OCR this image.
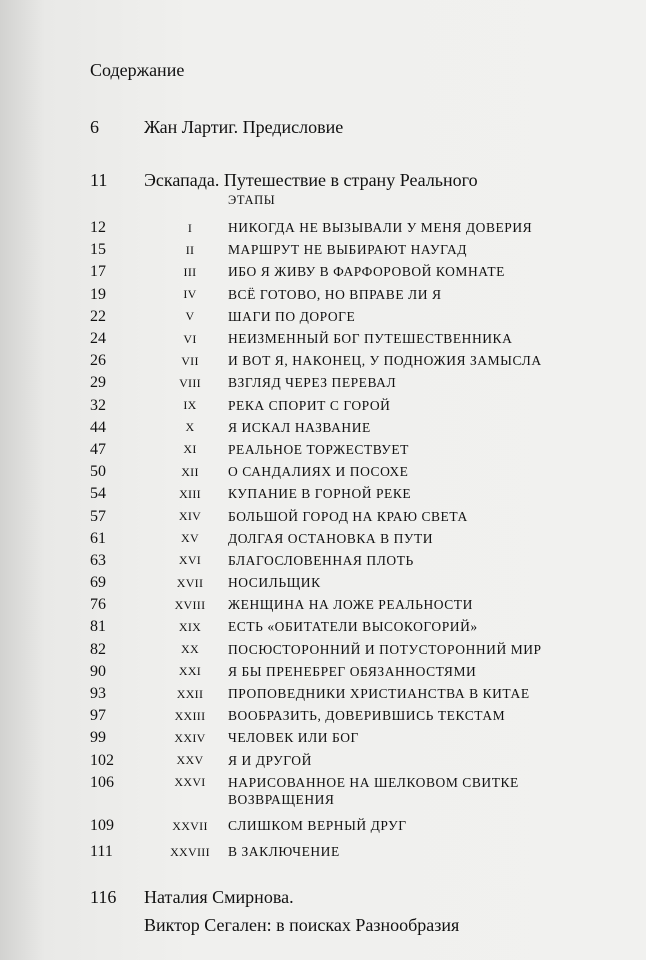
Содержание
6	Жан Лартиг. Предисловие
11	Эскапада. Путешествие в страну Реального
ЭТАПЫ
12	I	НИКОГДА НЕ ВЫЗЫВАЛИ У МЕНЯ ДОВЕРИЯ
15	II	МАРШРУТ НЕ ВЫБИРАЮТ НАУГАД
17	III	ИБО Я ЖИВУ В ФАРФОРОВОЙ КОМНАТЕ
19	IV	ВСЁ ГОТОВО, НО ВПРАВЕ ЛИ Я
22	V	ШАГИ ПО ДОРОГЕ
24	VI	НЕИЗМЕННЫЙ БОГ ПУТЕШЕСТВЕННИКА
26	VII	И ВОТ Я, НАКОНЕЦ, У ПОДНОЖИЯ ЗАМЫСЛА
29	VIII	ВЗГЛЯД ЧЕРЕЗ ПЕРЕВАЛ
32	IX	РЕКА СПОРИТ С ГОРОЙ
44	X	Я ИСКАЛ НАЗВАНИЕ
47	XI	РЕАЛЬНОЕ ТОРЖЕСТВУЕТ
50	XII	О САНДАЛИЯХ И ПОСОХЕ
54	XIII	КУПАНИЕ В ГОРНОЙ РЕКЕ
57	XIV	БОЛЬШОЙ ГОРОД НА КРАЮ СВЕТА
61	XV	ДОЛГАЯ ОСТАНОВКА В ПУТИ
63	XVI	БЛАГОСЛОВЕННАЯ ПЛОТЬ
69	XVII	НОСИЛЬЩИК
76	XVIII	ЖЕНЩИНА НА ЛОЖЕ РЕАЛЬНОСТИ
81	XIX	ЕСТЬ «ОБИТАТЕЛИ ВЫСОКОГОРИЙ»
82	XX	ПОСЮСТОРОННИЙ И ПОТУСТОРОННИЙ МИР
90	XXI	Я БЫ ПРЕНЕБРЕГ ОБЯЗАННОСТЯМИ
93	XXII	ПРОПОВЕДНИКИ ХРИСТИАНСТВА В КИТАЕ
97	XXIII	ВООБРАЗИТЬ, ДОВЕРИВШИСЬ ТЕКСТАМ
99	XXIV	ЧЕЛОВЕК ИЛИ БОГ
102	XXV	Я И ДРУГОЙ
106	XXVI	НАРИСОВАННОЕ НА ШЕЛКОВОМ СВИТКЕ
ВОЗВРАЩЕНИЯ
109	XXVII	СЛИШКОМ ВЕРНЫЙ ДРУГ
111	XXVIII	В ЗАКЛЮЧЕНИЕ
116 Наталия Смирнова.
Виктор Сегален: в поисках Разнообразия
